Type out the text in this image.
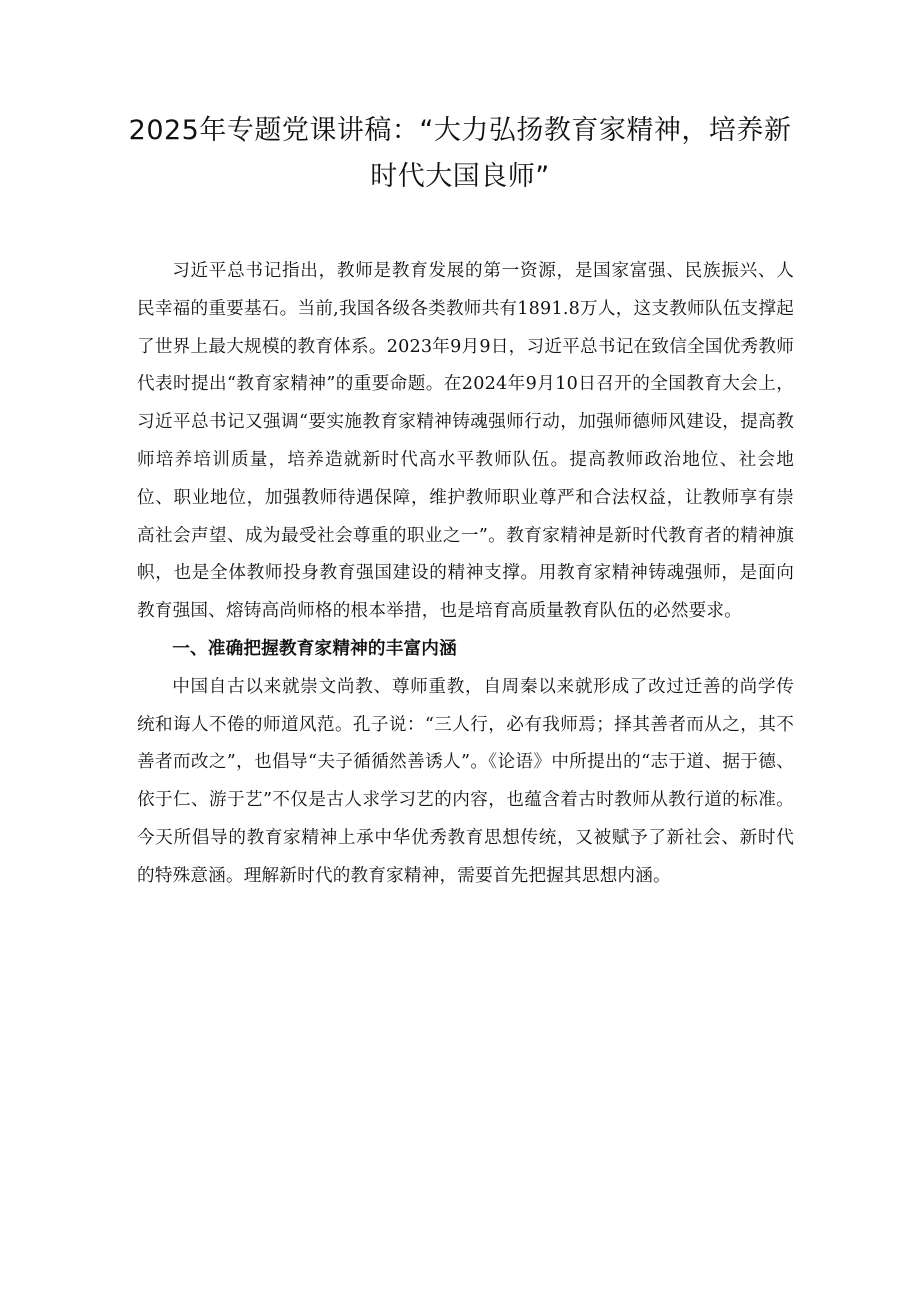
2025年专题党课讲稿：“大力弘扬教育家精神，培养新
时代大国良师”

习近平总书记指出，教师是教育发展的第一资源，是国家富强、民族振兴、人民幸福的重要基石。当前,我国各级各类教师共有1891.8万人，这支教师队伍支撑起了世界上最大规模的教育体系。2023年9月9日，习近平总书记在致信全国优秀教师代表时提出“教育家精神”的重要命题。在2024年9月10日召开的全国教育大会上，习近平总书记又强调“要实施教育家精神铸魂强师行动，加强师德师风建设，提高教师培养培训质量，培养造就新时代高水平教师队伍。提高教师政治地位、社会地位、职业地位，加强教师待遇保障，维护教师职业尊严和合法权益，让教师享有崇高社会声望、成为最受社会尊重的职业之一”。教育家精神是新时代教育者的精神旗帜，也是全体教师投身教育强国建设的精神支撑。用教育家精神铸魂强师，是面向教育强国、熔铸高尚师格的根本举措，也是培育高质量教育队伍的必然要求。

一、准确把握教育家精神的丰富内涵

中国自古以来就崇文尚教、尊师重教，自周秦以来就形成了改过迁善的尚学传统和诲人不倦的师道风范。孔子说：“三人行，必有我师焉；择其善者而从之，其不善者而改之”，也倡导“夫子循循然善诱人”。《论语》中所提出的“志于道、据于德、依于仁、游于艺”不仅是古人求学习艺的内容，也蕴含着古时教师从教行道的标准。今天所倡导的教育家精神上承中华优秀教育思想传统，又被赋予了新社会、新时代的特殊意涵。理解新时代的教育家精神，需要首先把握其思想内涵。
